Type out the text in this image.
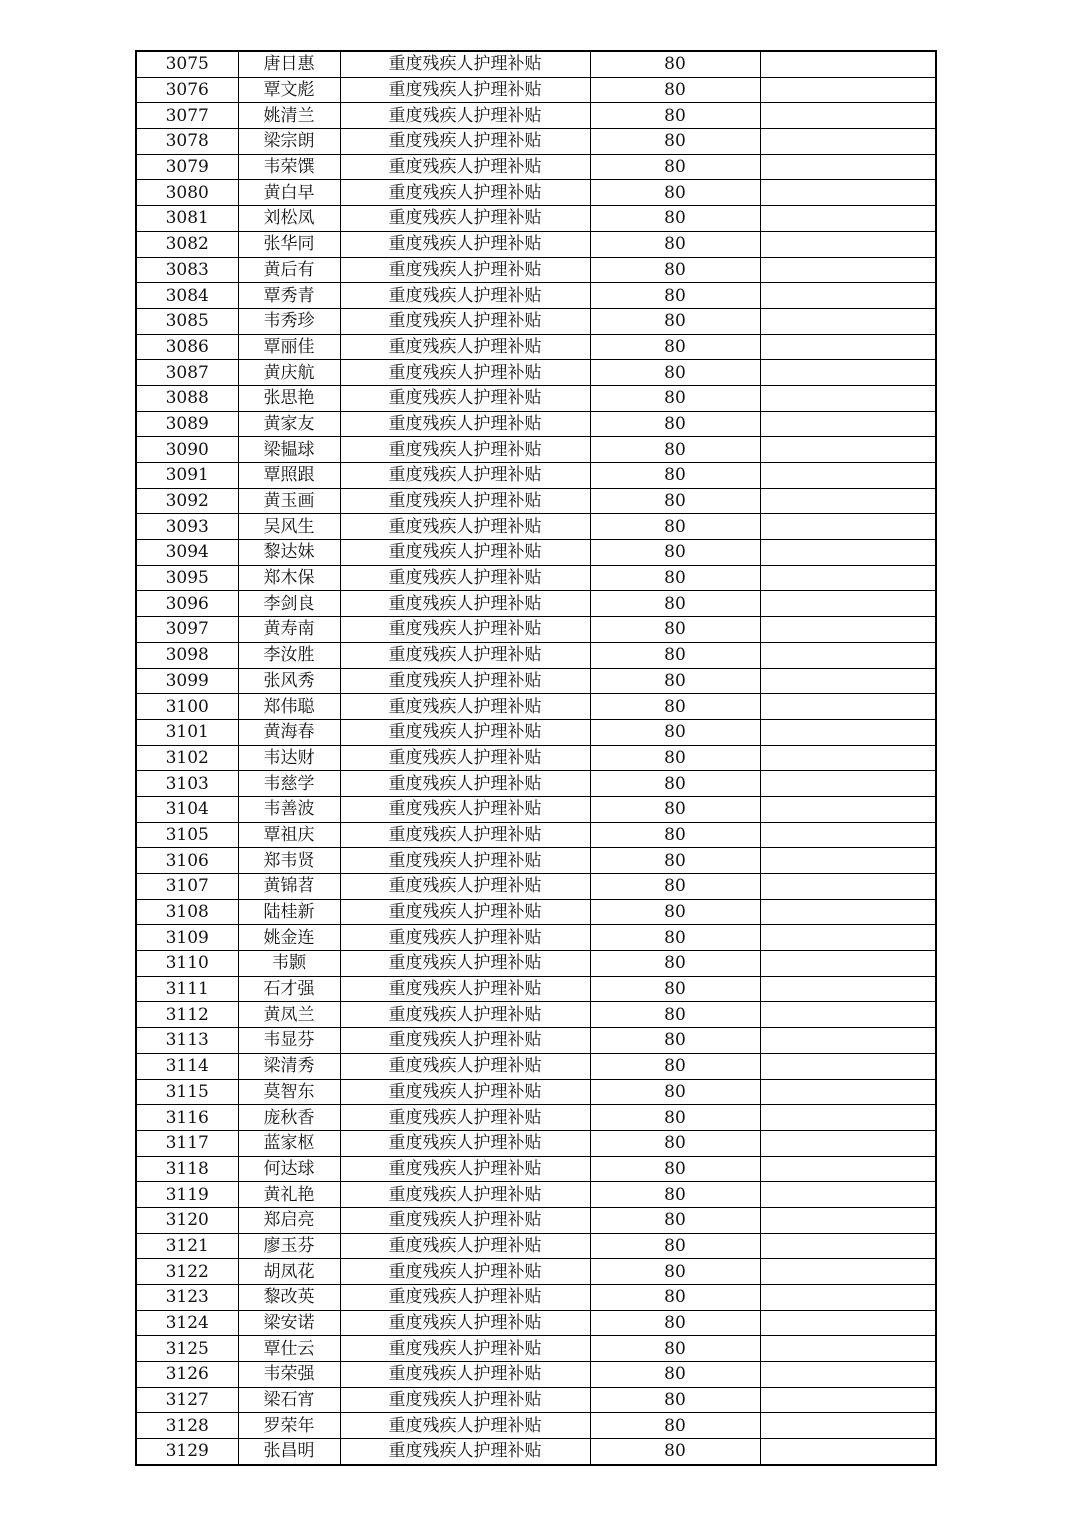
3075	唐日惠	重度残疾人护理补贴	80	
3076	覃文彪	重度残疾人护理补贴	80	
3077	姚清兰	重度残疾人护理补贴	80	
3078	梁宗朗	重度残疾人护理补贴	80	
3079	韦荣馔	重度残疾人护理补贴	80	
3080	黄白早	重度残疾人护理补贴	80	
3081	刘松凤	重度残疾人护理补贴	80	
3082	张华同	重度残疾人护理补贴	80	
3083	黄后有	重度残疾人护理补贴	80	
3084	覃秀青	重度残疾人护理补贴	80	
3085	韦秀珍	重度残疾人护理补贴	80	
3086	覃丽佳	重度残疾人护理补贴	80	
3087	黄庆航	重度残疾人护理补贴	80	
3088	张思艳	重度残疾人护理补贴	80	
3089	黄家友	重度残疾人护理补贴	80	
3090	梁韫球	重度残疾人护理补贴	80	
3091	覃照跟	重度残疾人护理补贴	80	
3092	黄玉画	重度残疾人护理补贴	80	
3093	吴风生	重度残疾人护理补贴	80	
3094	黎达妹	重度残疾人护理补贴	80	
3095	郑木保	重度残疾人护理补贴	80	
3096	李剑良	重度残疾人护理补贴	80	
3097	黄寿南	重度残疾人护理补贴	80	
3098	李汝胜	重度残疾人护理补贴	80	
3099	张风秀	重度残疾人护理补贴	80	
3100	郑伟聪	重度残疾人护理补贴	80	
3101	黄海春	重度残疾人护理补贴	80	
3102	韦达财	重度残疾人护理补贴	80	
3103	韦慈学	重度残疾人护理补贴	80	
3104	韦善波	重度残疾人护理补贴	80	
3105	覃祖庆	重度残疾人护理补贴	80	
3106	郑韦贤	重度残疾人护理补贴	80	
3107	黄锦苕	重度残疾人护理补贴	80	
3108	陆桂新	重度残疾人护理补贴	80	
3109	姚金连	重度残疾人护理补贴	80	
3110	韦颢	重度残疾人护理补贴	80	
3111	石才强	重度残疾人护理补贴	80	
3112	黄凤兰	重度残疾人护理补贴	80	
3113	韦显芬	重度残疾人护理补贴	80	
3114	梁清秀	重度残疾人护理补贴	80	
3115	莫智东	重度残疾人护理补贴	80	
3116	庞秋香	重度残疾人护理补贴	80	
3117	蓝家枢	重度残疾人护理补贴	80	
3118	何达球	重度残疾人护理补贴	80	
3119	黄礼艳	重度残疾人护理补贴	80	
3120	郑启亮	重度残疾人护理补贴	80	
3121	廖玉芬	重度残疾人护理补贴	80	
3122	胡凤花	重度残疾人护理补贴	80	
3123	黎改英	重度残疾人护理补贴	80	
3124	梁安诺	重度残疾人护理补贴	80	
3125	覃仕云	重度残疾人护理补贴	80	
3126	韦荣强	重度残疾人护理补贴	80	
3127	梁石宵	重度残疾人护理补贴	80	
3128	罗荣年	重度残疾人护理补贴	80	
3129	张昌明	重度残疾人护理补贴	80	
